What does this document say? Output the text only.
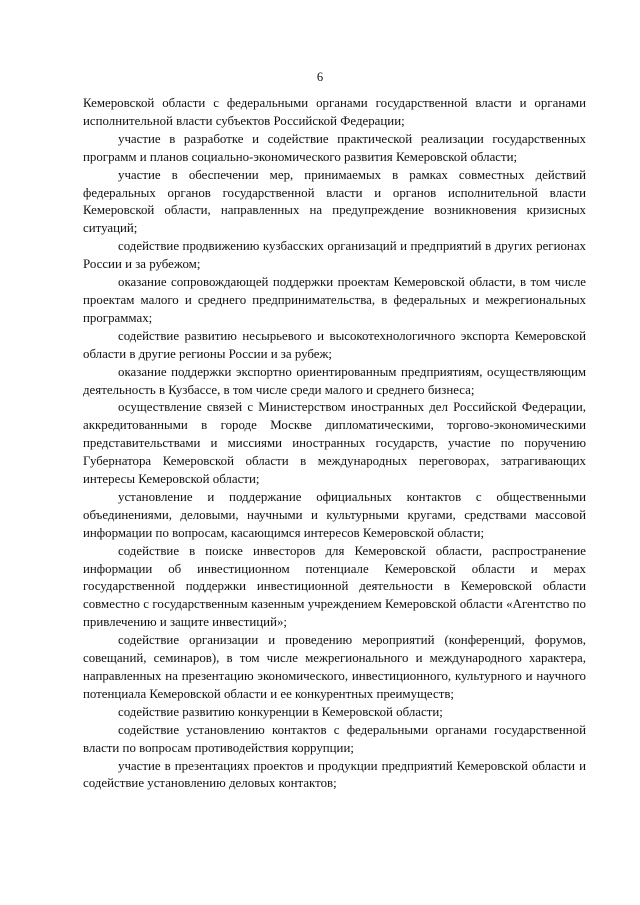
6

Кемеровской области с федеральными органами государственной власти и органами исполнительной власти субъектов Российской Федерации;

участие в разработке и содействие практической реализации государственных программ и планов социально-экономического развития Кемеровской области;

участие в обеспечении мер, принимаемых в рамках совместных действий федеральных органов государственной власти и органов исполнительной власти Кемеровской области, направленных на предупреждение возникновения кризисных ситуаций;

содействие продвижению кузбасских организаций и предприятий в других регионах России и за рубежом;

оказание сопровождающей поддержки проектам Кемеровской области, в том числе проектам малого и среднего предпринимательства, в федеральных и межрегиональных программах;

содействие развитию несырьевого и высокотехнологичного экспорта Кемеровской области в другие регионы России и за рубеж;

оказание поддержки экспортно ориентированным предприятиям, осуществляющим деятельность в Кузбассе, в том числе среди малого и среднего бизнеса;

осуществление связей с Министерством иностранных дел Российской Федерации, аккредитованными в городе Москве дипломатическими, торгово-экономическими представительствами и миссиями иностранных государств, участие по поручению Губернатора Кемеровской области в международных переговорах, затрагивающих интересы Кемеровской области;

установление и поддержание официальных контактов с общественными объединениями, деловыми, научными и культурными кругами, средствами массовой информации по вопросам, касающимся интересов Кемеровской области;

содействие в поиске инвесторов для Кемеровской области, распространение информации об инвестиционном потенциале Кемеровской области и мерах государственной поддержки инвестиционной деятельности в Кемеровской области совместно с государственным казенным учреждением Кемеровской области «Агентство по привлечению и защите инвестиций»;

содействие организации и проведению мероприятий (конференций, форумов, совещаний, семинаров), в том числе межрегионального и международного характера, направленных на презентацию экономического, инвестиционного, культурного и научного потенциала Кемеровской области и ее конкурентных преимуществ;

содействие развитию конкуренции в Кемеровской области;

содействие установлению контактов с федеральными органами государственной власти по вопросам противодействия коррупции;

участие в презентациях проектов и продукции предприятий Кемеровской области и содействие установлению деловых контактов;
